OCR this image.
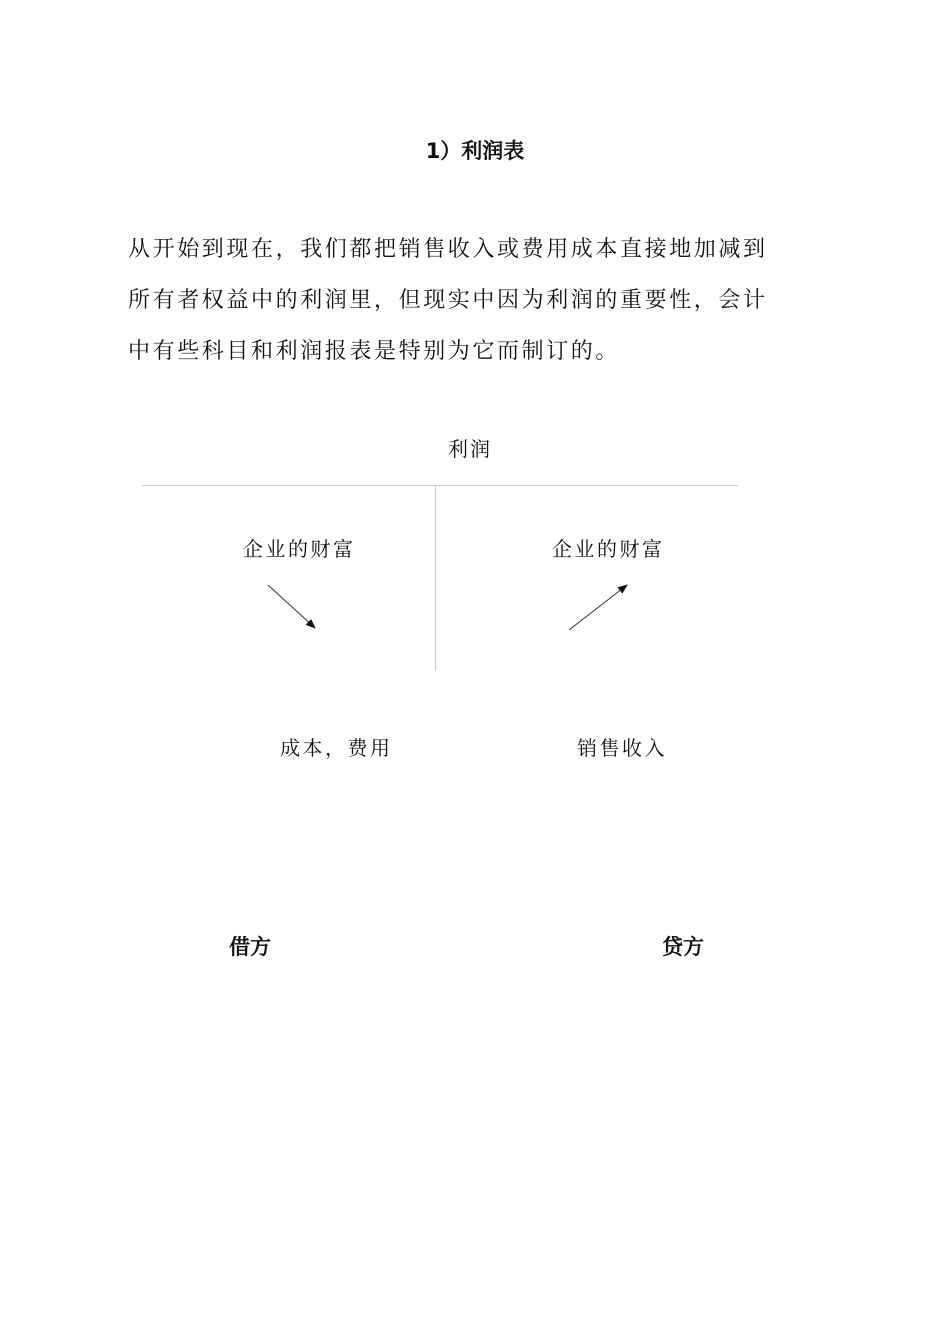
1）利润表
从开始到现在，我们都把销售收入或费用成本直接地加减到
所有者权益中的利润里，但现实中因为利润的重要性，会计
中有些科目和利润报表是特别为它而制订的。
利润
企业的财富	企业的财富
成本，费用	销售收入
借方	贷方
